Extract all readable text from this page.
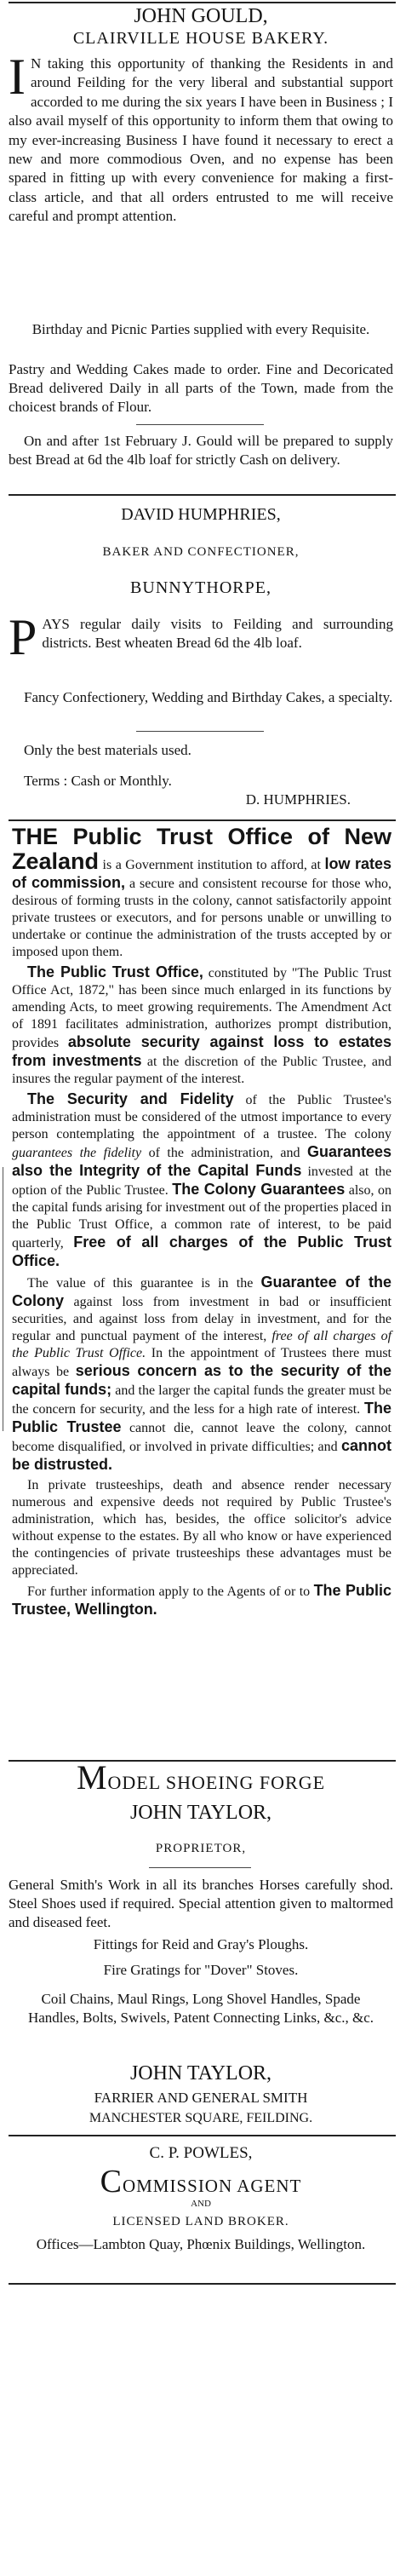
JOHN GOULD,
CLAIRVILLE HOUSE BAKERY.
I N taking this opportunity of thanking the Residents in and around Feilding for the very liberal and substantial support accorded to me during the six years I have been in Business ; I also avail myself of this opportunity to inform them that owing to my ever-increasing Business I have found it necessary to erect a new and more commodious Oven, and no expense has been spared in fitting up with every convenience for making a first-class article, and that all orders entrusted to me will receive careful and prompt attention.
Birthday and Picnic Parties supplied with every Requisite.
Pastry and Wedding Cakes made to order. Fine and Decoricated Bread delivered Daily in all parts of the Town, made from the choicest brands of Flour.
On and after 1st February J. Gould will be prepared to supply best Bread at 6d the 4lb loaf for strictly Cash on delivery.
DAVID HUMPHRIES,
BAKER AND CONFECTIONER,
BUNNYTHORPE,
PAYS regular daily visits to Feilding and surrounding districts. Best wheaten Bread 6d the 4lb loaf.
Fancy Confectionery, Wedding and Birthday Cakes, a specialty.
Only the best materials used.
Terms : Cash or Monthly.
D. HUMPHRIES.

THE Public Trust Office of New Zealand is a Government institution to afford, at low rates of commission, a secure and consistent recourse for those who, desirous of forming trusts in the colony, cannot satisfactorily appoint private trustees or executors, and for persons unable or unwilling to undertake or continue the administration of the trusts accepted by or imposed upon them.

The Public Trust Office, constituted by "The Public Trust Office Act, 1872," has been since much enlarged in its functions by amending Acts, to meet growing requirements. The Amendment Act of 1891 facilitates administration, authorizes prompt distribution, provides absolute security against loss to estates from investments at the discretion of the Public Trustee, and insures the regular payment of the interest.

The Security and Fidelity of the Public Trustee's administration must be considered of the utmost importance to every person contemplating the appointment of a trustee. The colony guarantees the fidelity of the administration, and Guarantees also the Integrity of the Capital Funds invested at the option of the Public Trustee. The Colony Guarantees also, on the capital funds arising for investment out of the properties placed in the Public Trust Office, a common rate of interest, to be paid quarterly, Free of all charges of the Public Trust Office.

The value of this guarantee is in the Guarantee of the Colony against loss from investment in bad or insufficient securities, and against loss from delay in investment, and for the regular and punctual payment of the interest, free of all charges of the Public Trust Office. In the appointment of Trustees there must always be serious concern as to the security of the capital funds; and the larger the capital funds the greater must be the concern for security, and the less for a high rate of interest. The Public Trustee cannot die, cannot leave the colony, cannot become disqualified, or involved in private difficulties; and cannot be distrusted.

In private trusteeships, death and absence render necessary numerous and expensive deeds not required by Public Trustee's administration, which has, besides, the office solicitor's advice without expense to the estates. By all who know or have experienced the contingencies of private trusteeships these advantages must be appreciated.

For further information apply to the Agents of or to The Public Trustee, Wellington.

MODEL SHOEING FORGE
JOHN TAYLOR,
PROPRIETOR,
General Smith's Work in all its branches Horses carefully shod. Steel Shoes used if required. Special attention given to maltormed and diseased feet.
Fittings for Reid and Gray's Ploughs.
Fire Gratings for "Dover" Stoves.
Coil Chains, Maul Rings, Long Shovel Handles, Spade Handles, Bolts, Swivels, Patent Connecting Links, &c., &c.
JOHN TAYLOR,
FARRIER AND GENERAL SMITH
MANCHESTER SQUARE, FEILDING.
C. P. POWLES,
COMMISSION AGENT
AND
LICENSED LAND BROKER.
Offices—Lambton Quay, Phœnix Buildings, Wellington.
